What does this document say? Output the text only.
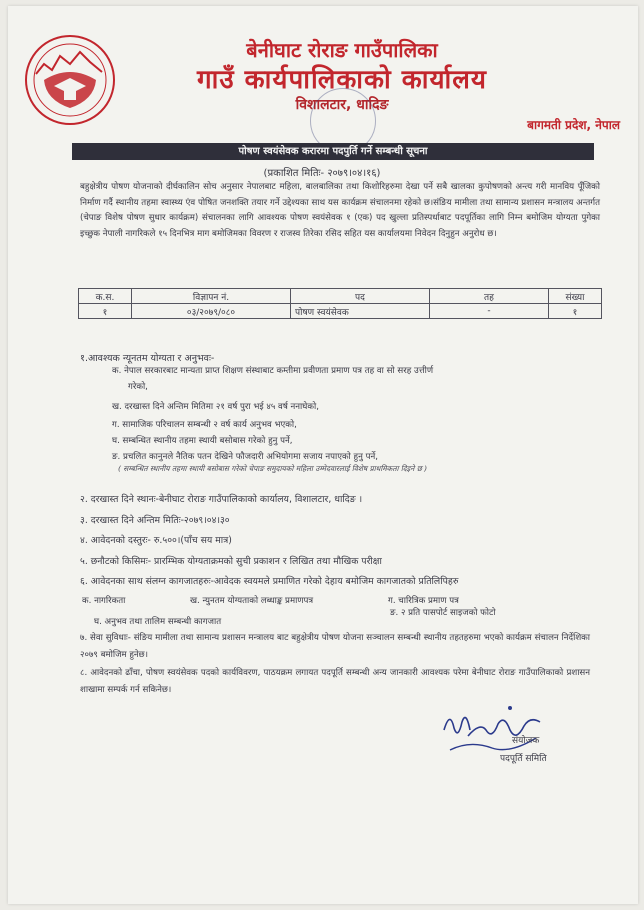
बेनीघाट रोराङ गाउँपालिका
गाउँ कार्यपालिकाको कार्यालय
विशालटार, धादिङ
बागमती प्रदेश, नेपाल
पोषण स्वयंसेवक करारमा पदपुर्ति गर्ने सम्बन्धी सूचना
(प्रकाशित मितिः- २०७९।०४।१६)
बहुक्षेत्रीय पोषण योजनाको दीर्घकालिन सोच अनुसार नेपालबाट महिला, बालबालिका तथा किशोरिहरुमा देखा पर्ने सबै खालका कुपोषणको अन्त्य गरी मानविय पूँजिको निर्माण गर्दै स्थानीय तहमा स्वास्थ्य एंव पोषित जनशक्ति तयार गर्ने उद्देश्यका साथ यस कार्यक्रम संचालनमा रहेको छ।संङिय मामीला तथा सामान्य प्रशासन मन्त्रालय अन्तर्गत (चेपाङ विशेष पोषण सुधार कार्यक्रम) संचालनका लागि आवश्यक पोषण स्वयंसेवक १ (एक) पद खुल्ला प्रतिस्पर्धाबाट पदपूर्तिका लागि निम्न बमोजिम योग्यता पुगेका इच्छुक नेपाली नागरिकले १५ दिनभित्र माग बमोजिमका विवरण र राजस्व तिरेका रसिद सहित यस कार्यालयमा निवेदन दिनुहुन अनुरोध छ।
क.स.	विज्ञापन नं.	पद	तह	संख्या
१	०३/२०७९/०८०	पोषण स्वयंसेवक	-	१
१.आवश्यक न्यूनतम योग्यता र अनुभवः-
क. नेपाल सरकारबाट मान्यता प्राप्त शिक्षण संस्थाबाट कम्तीमा प्रवीणता प्रमाण पत्र तह वा सो सरह उत्तीर्ण
गरेको,
ख. दरखास्त दिने अन्तिम मितिमा २१ वर्ष पुरा भई ४५ वर्ष ननाघेको,
ग. सामाजिक परिचालन सम्बन्धी २ वर्ष कार्य अनुभव भएको,
घ. सम्बन्धित स्थानीय तहमा स्थायी बसोबास गरेको हुनु पर्ने,
ङ. प्रचलित कानुनले नैतिक पतन देखिने फौजदारी अभियोगमा सजाय नपाएको हुनु पर्ने,
( सम्बन्धित स्थानीय तहमा स्थायी बसोबास गरेको चेपाङ समुदायको महिला उम्मेदवारलाई विशेष प्राथमिकता दिइने छ )
२. दरखास्त दिने स्थानः-बेनीघाट रोराङ गाउँपालिकाको कार्यालय, विशालटार, धादिङ ।
३. दरखास्त दिने अन्तिम मितिः-२०७९।०४।३०
४. आवेदनको दस्तुरः- रु.५००।(पाँच सय मात्र)
५. छनौटको किसिमः- प्रारम्भिक योग्यताक्रमको सुची प्रकाशन र लिखित तथा मौखिक परीक्षा
६. आवेदनका साथ संलग्न कागजातहरुः-आवेदक स्वयमले प्रमाणित गरेको देहाय बमोजिम कागजातको प्रतिलिपिहरु
क. नागरिकता	ख. न्युनतम योग्यताको लब्धाङ्क प्रमाणपत्र	ग. चारित्रिक प्रमाण पत्र
घ. अनुभव तथा तालिम सम्बन्धी कागजात
ङ. २ प्रति पासपोर्ट साइजको फोटो
७. सेवा सुविधाः- संङिय मामीला तथा सामान्य प्रशासन मन्त्रालय बाट बहुक्षेत्रीय पोषण योजना सञ्चालन सम्बन्धी स्थानीय तहतहरुमा भएको कार्यक्रम संचालन निर्देशिका २०७९ बमोजिम हुनेछ।
८. आवेदनको ढाँचा, पोषण स्वयंसेवक पदको कार्यविवरण, पाठयक्रम लगायत पदपूर्ति सम्बन्धी अन्य जानकारी आवश्यक परेमा बेनीघाट रोराङ गाउँपालिकाको प्रशासन शाखामा सम्पर्क गर्न सकिनेछ।
संयोजक
पदपूर्ति समिति
